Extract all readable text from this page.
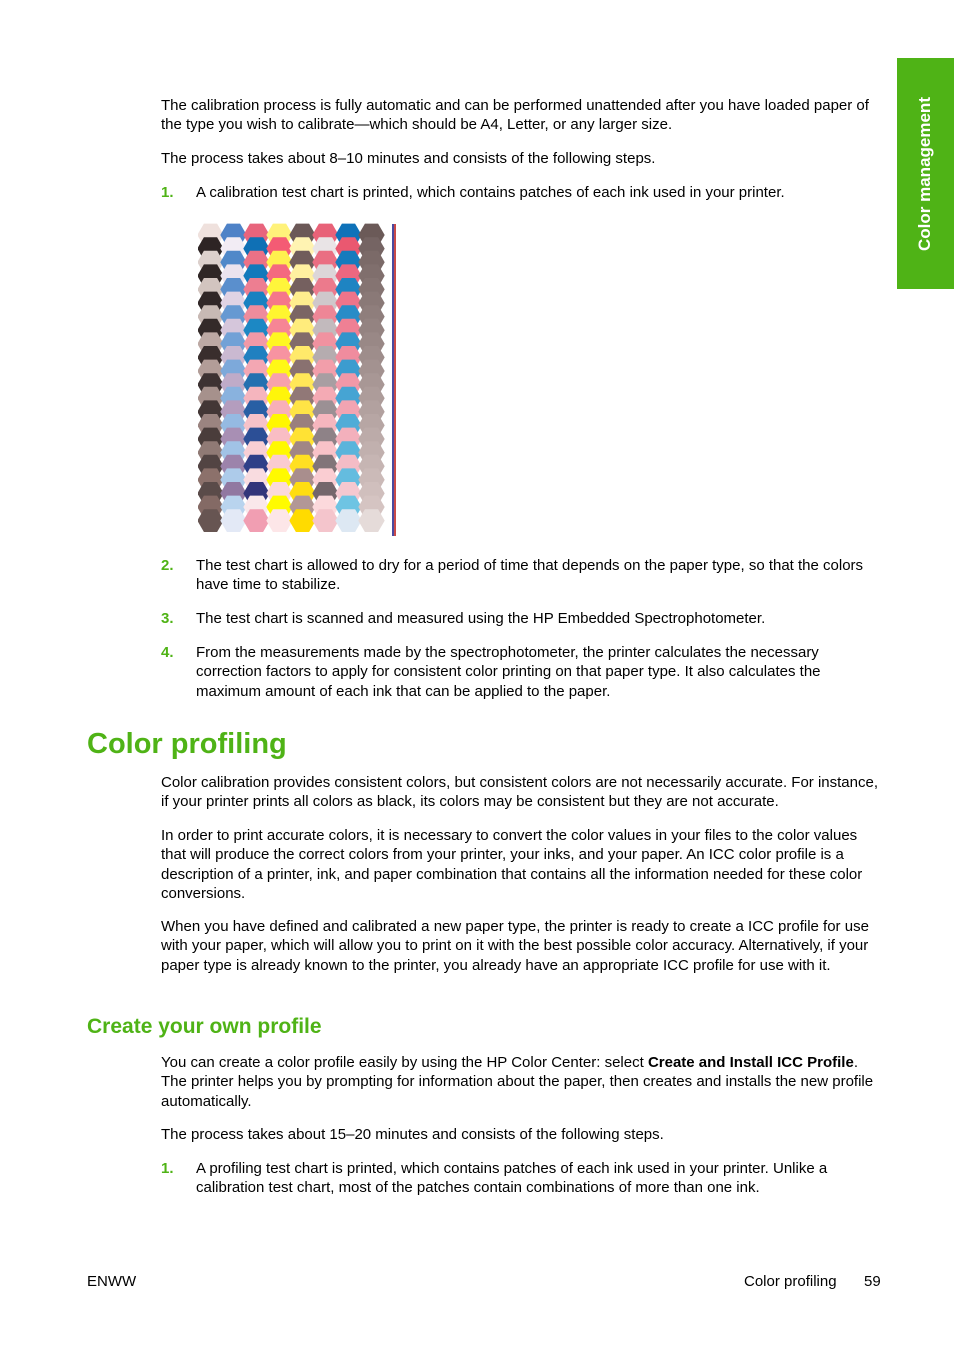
Color management

The calibration process is fully automatic and can be performed unattended after you have loaded paper of the type you wish to calibrate—which should be A4, Letter, or any larger size.

The process takes about 8–10 minutes and consists of the following steps.

1. A calibration test chart is printed, which contains patches of each ink used in your printer.
2. The test chart is allowed to dry for a period of time that depends on the paper type, so that the colors have time to stabilize.
3. The test chart is scanned and measured using the HP Embedded Spectrophotometer.
4. From the measurements made by the spectrophotometer, the printer calculates the necessary correction factors to apply for consistent color printing on that paper type. It also calculates the maximum amount of each ink that can be applied to the paper.
Color profiling

Color calibration provides consistent colors, but consistent colors are not necessarily accurate. For instance, if your printer prints all colors as black, its colors may be consistent but they are not accurate.

In order to print accurate colors, it is necessary to convert the color values in your files to the color values that will produce the correct colors from your printer, your inks, and your paper. An ICC color profile is a description of a printer, ink, and paper combination that contains all the information needed for these color conversions.

When you have defined and calibrated a new paper type, the printer is ready to create a ICC profile for use with your paper, which will allow you to print on it with the best possible color accuracy. Alternatively, if your paper type is already known to the printer, you already have an appropriate ICC profile for use with it.

Create your own profile

You can create a color profile easily by using the HP Color Center: select Create and Install ICC Profile. The printer helps you by prompting for information about the paper, then creates and installs the new profile automatically.

The process takes about 15–20 minutes and consists of the following steps.

1. A profiling test chart is printed, which contains patches of each ink used in your printer. Unlike a calibration test chart, most of the patches contain combinations of more than one ink.
ENWW	Color profiling 59
